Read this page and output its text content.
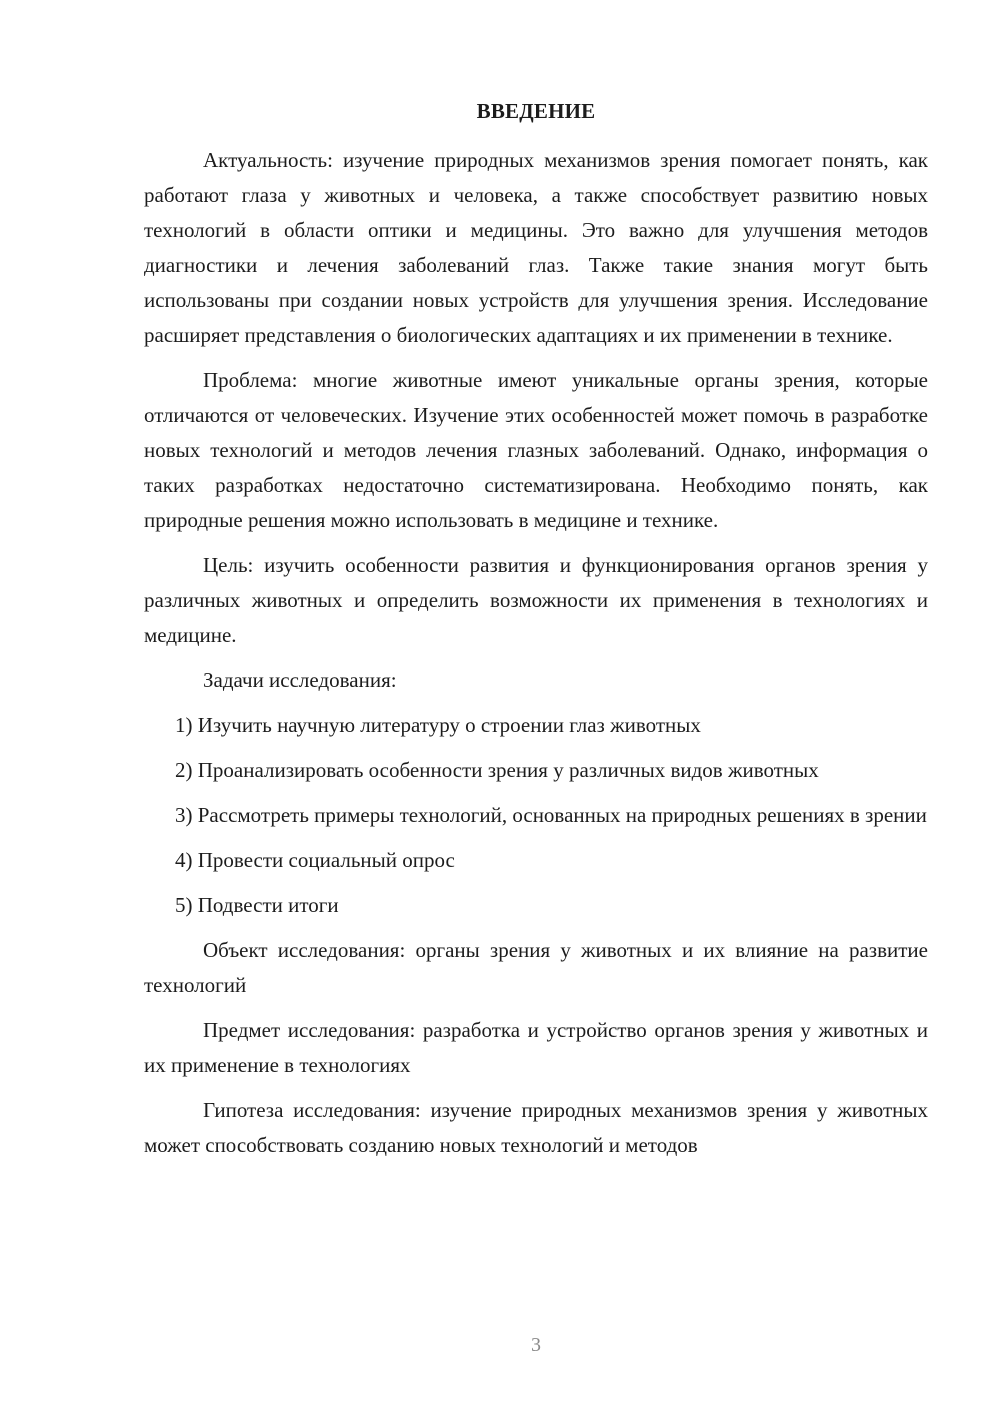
ВВЕДЕНИЕ

Актуальность: изучение природных механизмов зрения помогает понять, как работают глаза у животных и человека, а также способствует развитию новых технологий в области оптики и медицины. Это важно для улучшения методов диагностики и лечения заболеваний глаз. Также такие знания могут быть использованы при создании новых устройств для улучшения зрения. Исследование расширяет представления о биологических адаптациях и их применении в технике.

Проблема: многие животные имеют уникальные органы зрения, которые отличаются от человеческих. Изучение этих особенностей может помочь в разработке новых технологий и методов лечения глазных заболеваний. Однако, информация о таких разработках недостаточно систематизирована. Необходимо понять, как природные решения можно использовать в медицине и технике.

Цель: изучить особенности развития и функционирования органов зрения у различных животных и определить возможности их применения в технологиях и медицине.

Задачи исследования:

1) Изучить научную литературу о строении глаз животных

2) Проанализировать особенности зрения у различных видов животных

3) Рассмотреть примеры технологий, основанных на природных решениях в зрении

4) Провести социальный опрос

5) Подвести итоги

Объект исследования: органы зрения у животных и их влияние на развитие технологий

Предмет исследования: разработка и устройство органов зрения у животных и их применение в технологиях

Гипотеза исследования: изучение природных механизмов зрения у животных может способствовать созданию новых технологий и методов

3
